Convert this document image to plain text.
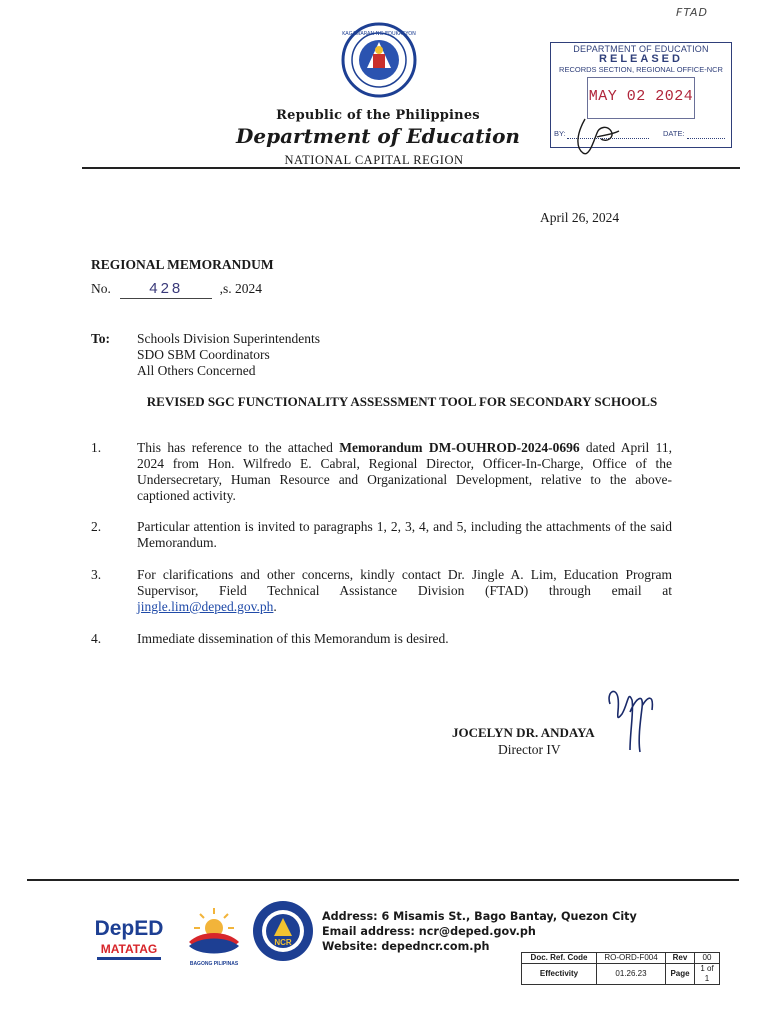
KAGAWARAN NG EDUKASYON
Republic of the Philippines
Department of Education
NATIONAL CAPITAL REGION
FTAD
DEPARTMENT OF EDUCATION
RELEASED
RECORDS SECTION, REGIONAL OFFICE-NCR
MAY 02 2024
BY:	DATE:
April 26, 2024
REGIONAL MEMORANDUM
No.	428	,s. 2024
To: Schools Division Superintendents
SDO SBM Coordinators
All Others Concerned
REVISED SGC FUNCTIONALITY ASSESSMENT TOOL FOR SECONDARY SCHOOLS
1.	This has reference to the attached Memorandum DM-OUHROD-2024-0696 dated April 11, 2024 from Hon. Wilfredo E. Cabral, Regional Director, Officer-In-Charge, Office of the Undersecretary, Human Resource and Organizational Development, relative to the above-captioned activity.
2.	Particular attention is invited to paragraphs 1, 2, 3, 4, and 5, including the attachments of the said Memorandum.
3.	For clarifications and other concerns, kindly contact Dr. Jingle A. Lim, Education Program Supervisor, Field Technical Assistance Division (FTAD) through email at jingle.lim@deped.gov.ph.
4.	Immediate dissemination of this Memorandum is desired.
JOCELYN DR. ANDAYA
Director IV
DepED
MATATAG
BAGONG PILIPINAS
NCR
Address: 6 Misamis St., Bago Bantay, Quezon City
Email address: ncr@deped.gov.ph
Website: depedncr.com.ph
Doc. Ref. Code	RO-ORD-F004	Rev	00
Effectivity	01.26.23	Page	1 of 1
